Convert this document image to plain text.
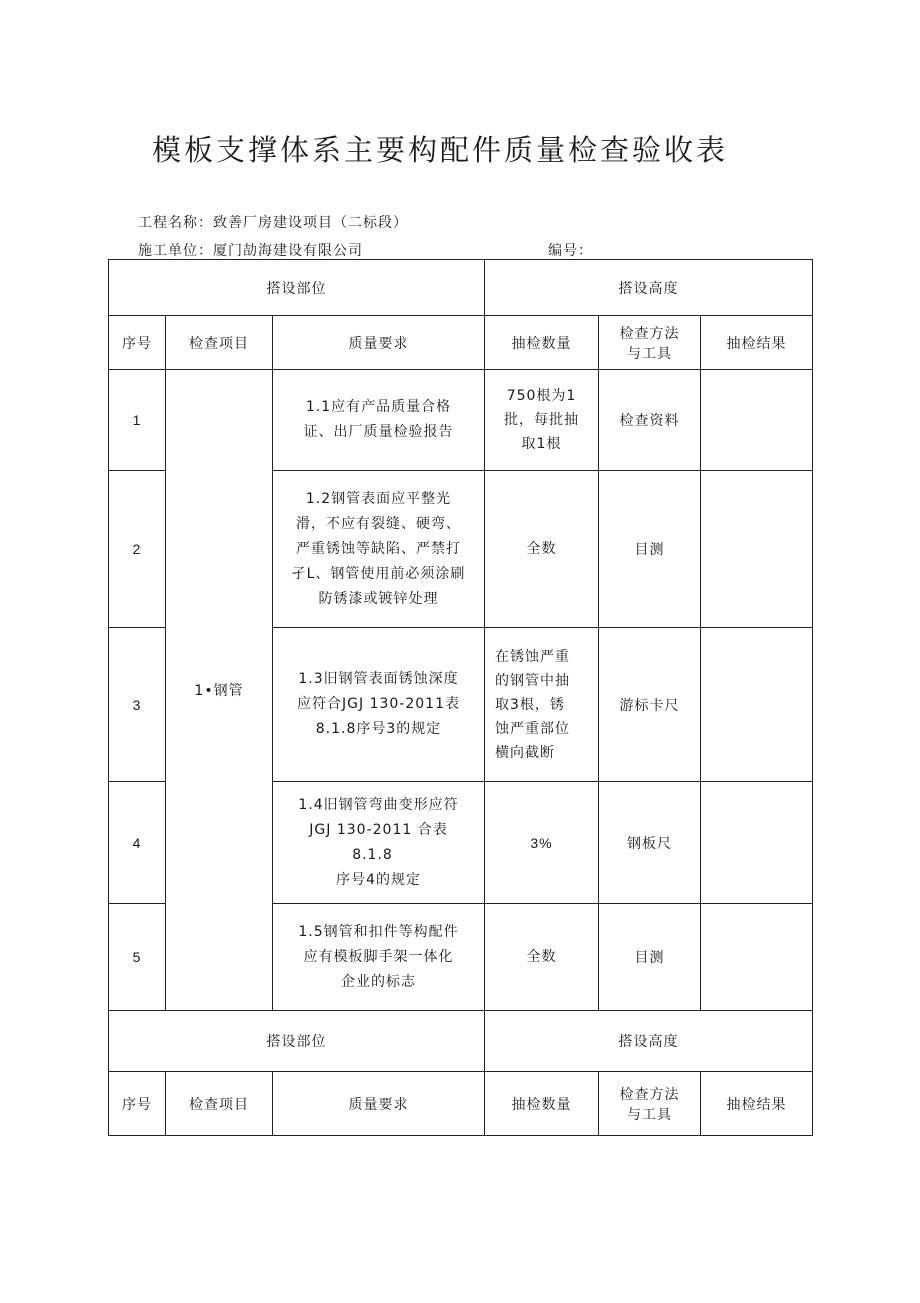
模板支撑体系主要构配件质量检查验收表
工程名称：致善厂房建设项目（二标段）
施工单位：厦门劼海建设有限公司	编号：
搭设部位			搭设高度		
序号	检查项目	质量要求	抽检数量	检查方法
与工具	抽检结果
1	1•钢管	1.1应有产品质量合格
证、出厂质量检验报告	750根为1
批，每批抽
取1根	检查资料	
2		1.2钢管表面应平整光
滑，不应有裂缝、硬弯、
严重锈蚀等缺陷、严禁打
孑L、钢管使用前必须涂刷
防锈漆或镀锌处理	全数	目测	
3		1.3旧钢管表面锈蚀深度
应符合JGJ 130-2011表
8.1.8序号3的规定	在锈蚀严重
的钢管中抽
取3根，锈
蚀严重部位
横向截断	游标卡尺	
4		1.4旧钢管弯曲变形应符
JGJ 130-2011 合表
8.1.8
序号4的规定	3%	钢板尺	
5		1.5钢管和扣件等构配件
应有模板脚手架一体化
企业的标志	全数	目测	
搭设部位			搭设高度		
序号	检查项目	质量要求	抽检数量	检查方法
与工具	抽检结果
